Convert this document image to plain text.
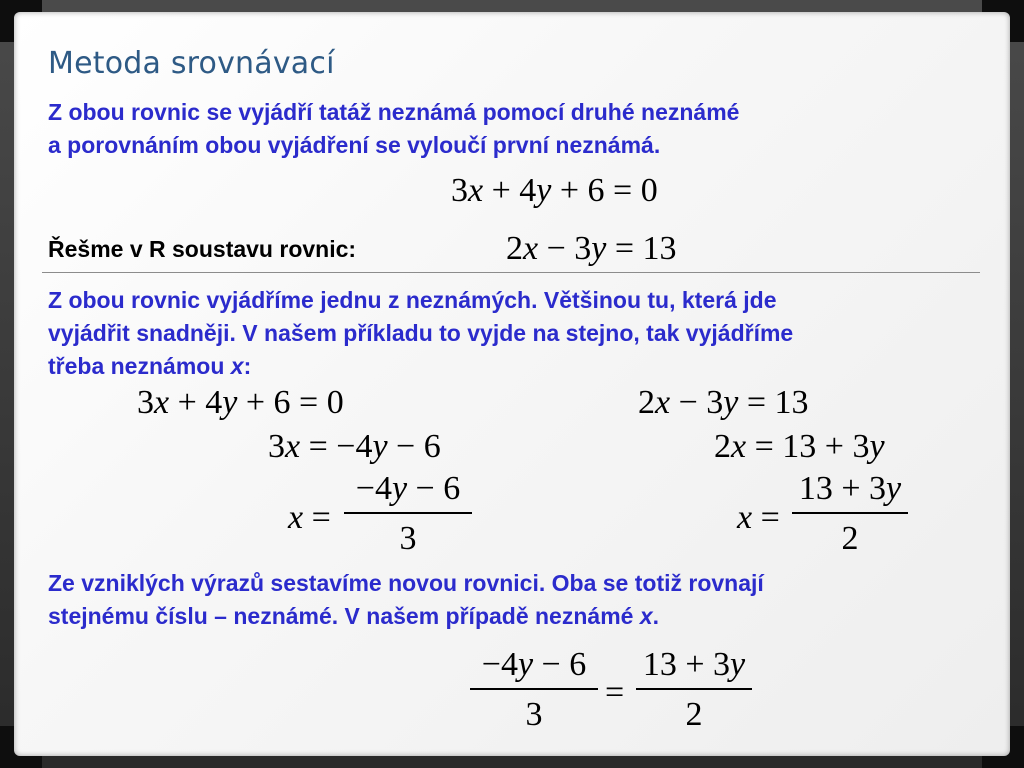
Metoda srovnávací
Z obou rovnic se vyjádří tatáž neznámá pomocí druhé neznámé
a porovnáním obou vyjádření se vyloučí první neznámá.
3x + 4y + 6 = 0
Řešme v R soustavu rovnic:	2x − 3y = 13
Z obou rovnic vyjádříme jednu z neznámých. Většinou tu, která jde
vyjádřit snadněji. V našem příkladu to vyjde na stejno, tak vyjádříme
třeba neznámou x:
3x + 4y + 6 = 0
3x = −4y − 6
x =
−4y − 6
3
2x − 3y = 13
2x = 13 + 3y
x =
13 + 3y
2
Ze vzniklých výrazů sestavíme novou rovnici. Oba se totiž rovnají
stejnému číslu – neznámé. V našem případě neznámé x.
−4y − 6
3
=
13 + 3y
2
